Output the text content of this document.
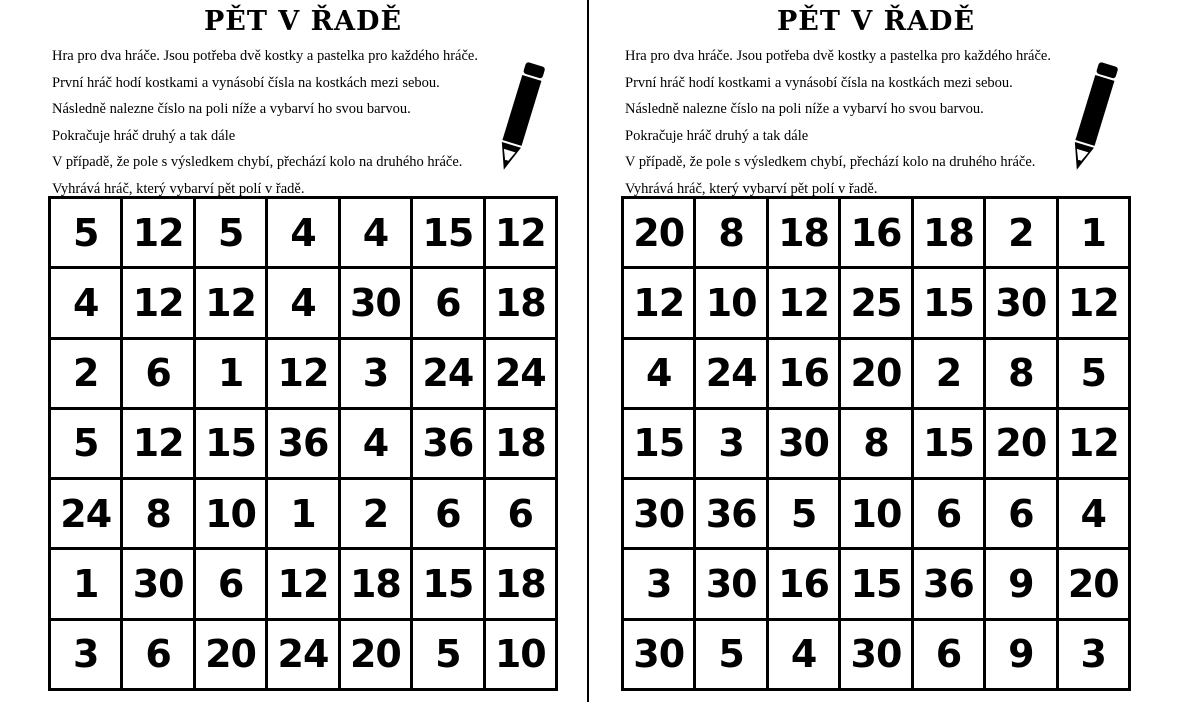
PĚT V ŘADĚ
Hra pro dva hráče. Jsou potřeba dvě kostky a pastelka pro každého hráče.
První hráč hodí kostkami a vynásobí čísla na kostkách mezi sebou.
Následně nalezne číslo na poli níže a vybarví ho svou barvou.
Pokračuje hráč druhý a tak dále
V případě, že pole s výsledkem chybí, přechází kolo na druhého hráče.
Vyhrává hráč, který vybarví pět polí v řadě.
5 12 5	4	4 15 12
4 12 12 4 30 6 18
2	6	1 12 3 24 24
5 12 15 36 4 36 18
24 8 10 1	2	6	6
1 30 6 12 18 15 18
3	6 20 24 20 5 10
PĚT V ŘADĚ
Hra pro dva hráče. Jsou potřeba dvě kostky a pastelka pro každého hráče.
První hráč hodí kostkami a vynásobí čísla na kostkách mezi sebou.
Následně nalezne číslo na poli níže a vybarví ho svou barvou.
Pokračuje hráč druhý a tak dále
V případě, že pole s výsledkem chybí, přechází kolo na druhého hráče.
Vyhrává hráč, který vybarví pět polí v řadě.
20 8 18 16 18 2	1
12 10 12 25 15 30 12
4 24 16 20 2	8	5
15 3 30 8 15 20 12
30 36 5 10 6	6	4
3 30 16 15 36 9 20
30 5	4 30 6	9	3
